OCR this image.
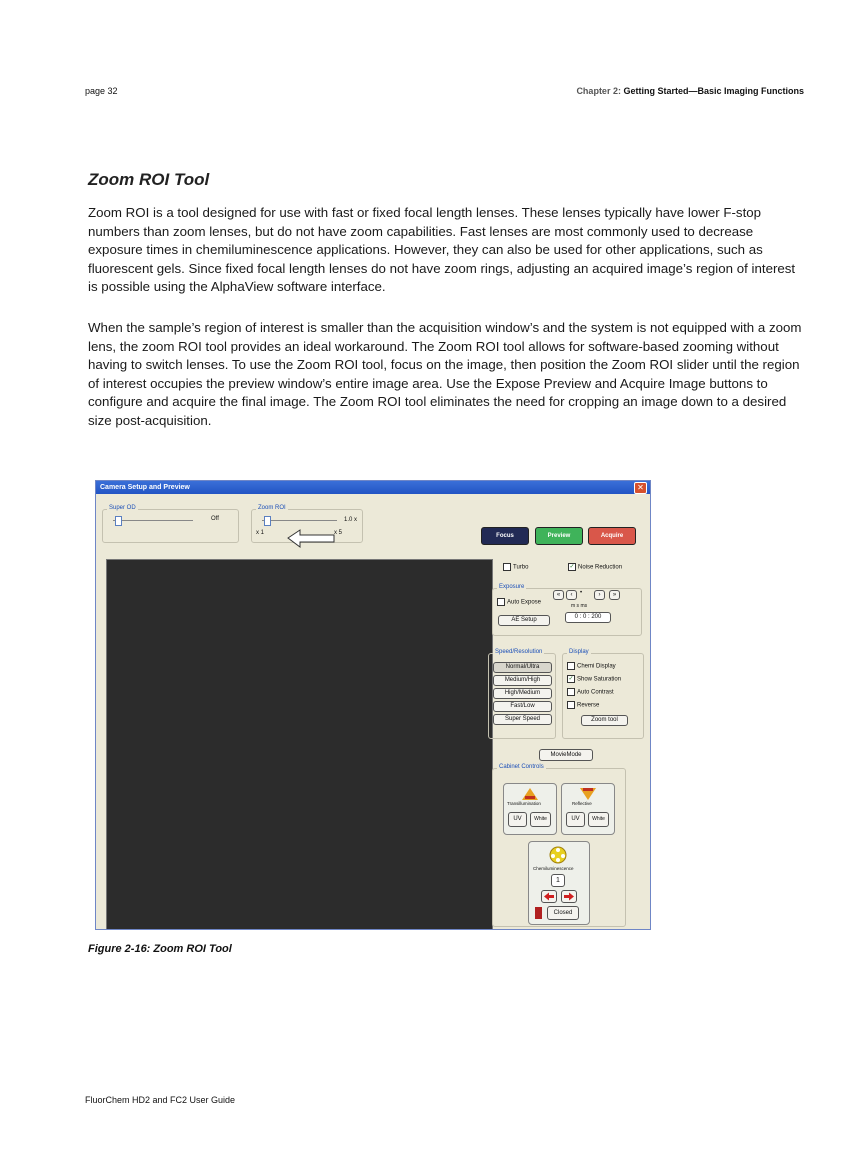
page 32	Chapter 2: Getting Started—Basic Imaging Functions
Zoom ROI Tool
Zoom ROI is a tool designed for use with fast or fixed focal length lenses. These lenses typically have lower F-stop numbers than zoom lenses, but do not have zoom capabilities. Fast lenses are most commonly used to decrease exposure times in chemiluminescence applications. However, they can also be used for other applications, such as fluorescent gels. Since fixed focal length lenses do not have zoom rings, adjusting an acquired image’s region of interest is possible using the AlphaView software interface.
When the sample’s region of interest is smaller than the acquisition window’s and the system is not equipped with a zoom lens, the zoom ROI tool provides an ideal workaround. The Zoom ROI tool allows for software-based zooming without having to switch lenses. To use the Zoom ROI tool, focus on the image, then position the Zoom ROI slider until the region of interest occupies the preview window’s entire image area. Use the Expose Preview and Acquire Image buttons to configure and acquire the final image. The Zoom ROI tool eliminates the need for cropping an image down to a desired size post-acquisition.
Camera Setup and Preview	✕
Super OD
Off
Zoom ROI
1.0 x
x 1	x 5	Focus	Preview	Acquire
Turbo	✓ Noise Reduction
Exposure
Auto Expose
AE Setup
«	‹	•	›	»
m s ms
0 : 0 : 200
Speed/Resolution
Normal/Ultra
Medium/High
High/Medium
Fast/Low
Super Speed
Display
Chemi Display
✓ Show Saturation
Auto Contrast
Reverse
Zoom tool
MovieMode
Cabinet Controls
Transillumination
UV	White
Reflective
UV	White
Chemiluminescence
1
Closed
Figure 2-16: Zoom ROI Tool
FluorChem HD2 and FC2 User Guide
